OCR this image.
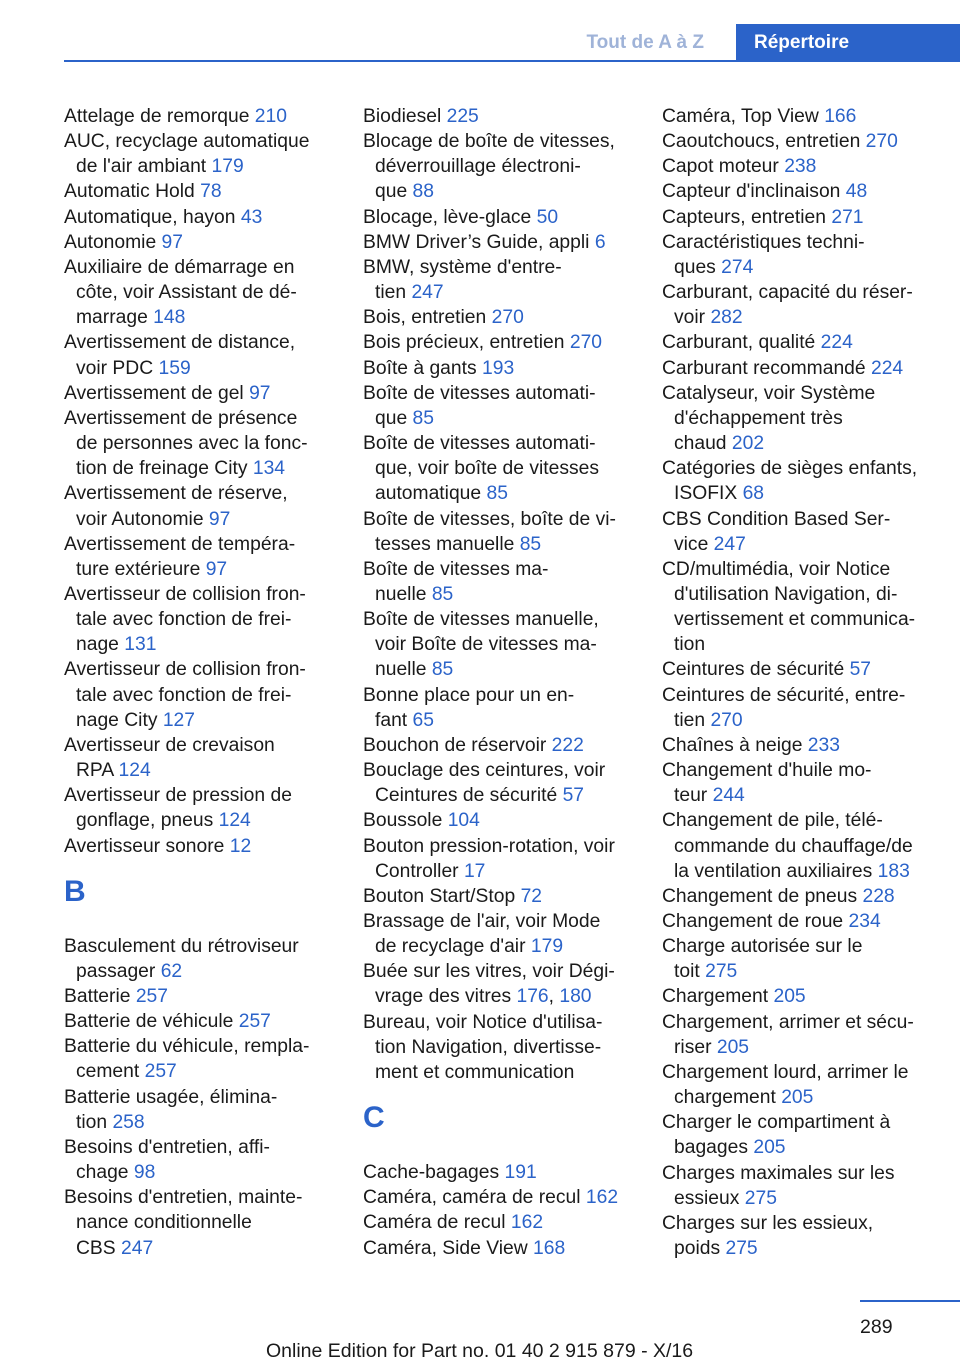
Tout de A à Z	Répertoire
Attelage de remorque 210
AUC, recyclage automatique
de l'air ambiant 179
Automatic Hold 78
Automatique, hayon 43
Autonomie 97
Auxiliaire de démarrage en
côte, voir Assistant de dé-
marrage 148
Avertissement de distance,
voir PDC 159
Avertissement de gel 97
Avertissement de présence
de personnes avec la fonc-
tion de freinage City 134
Avertissement de réserve,
voir Autonomie 97
Avertissement de tempéra-
ture extérieure 97
Avertisseur de collision fron-
tale avec fonction de frei-
nage 131
Avertisseur de collision fron-
tale avec fonction de frei-
nage City 127
Avertisseur de crevaison
RPA 124
Avertisseur de pression de
gonflage, pneus 124
Avertisseur sonore 12
B
Basculement du rétroviseur
passager 62
Batterie 257
Batterie de véhicule 257
Batterie du véhicule, rempla-
cement 257
Batterie usagée, élimina-
tion 258
Besoins d'entretien, affi-
chage 98
Besoins d'entretien, mainte-
nance conditionnelle
CBS 247
Biodiesel 225
Blocage de boîte de vitesses,
déverrouillage électroni-
que 88
Blocage, lève-glace 50
BMW Driver’s Guide, appli 6
BMW, système d'entre-
tien 247
Bois, entretien 270
Bois précieux, entretien 270
Boîte à gants 193
Boîte de vitesses automati-
que 85
Boîte de vitesses automati-
que, voir boîte de vitesses
automatique 85
Boîte de vitesses, boîte de vi-
tesses manuelle 85
Boîte de vitesses ma-
nuelle 85
Boîte de vitesses manuelle,
voir Boîte de vitesses ma-
nuelle 85
Bonne place pour un en-
fant 65
Bouchon de réservoir 222
Bouclage des ceintures, voir
Ceintures de sécurité 57
Boussole 104
Bouton pression-rotation, voir
Controller 17
Bouton Start/Stop 72
Brassage de l'air, voir Mode
de recyclage d'air 179
Buée sur les vitres, voir Dégi-
vrage des vitres 176, 180
Bureau, voir Notice d'utilisa-
tion Navigation, divertisse-
ment et communication
C
Cache-bagages 191
Caméra, caméra de recul 162
Caméra de recul 162
Caméra, Side View 168
Caméra, Top View 166
Caoutchoucs, entretien 270
Capot moteur 238
Capteur d'inclinaison 48
Capteurs, entretien 271
Caractéristiques techni-
ques 274
Carburant, capacité du réser-
voir 282
Carburant, qualité 224
Carburant recommandé 224
Catalyseur, voir Système
d'échappement très
chaud 202
Catégories de sièges enfants,
ISOFIX 68
CBS Condition Based Ser-
vice 247
CD/multimédia, voir Notice
d'utilisation Navigation, di-
vertissement et communica-
tion
Ceintures de sécurité 57
Ceintures de sécurité, entre-
tien 270
Chaînes à neige 233
Changement d'huile mo-
teur 244
Changement de pile, télé-
commande du chauffage/de
la ventilation auxiliaires 183
Changement de pneus 228
Changement de roue 234
Charge autorisée sur le
toit 275
Chargement 205
Chargement, arrimer et sécu-
riser 205
Chargement lourd, arrimer le
chargement 205
Charger le compartiment à
bagages 205
Charges maximales sur les
essieux 275
Charges sur les essieux,
poids 275
289
Online Edition for Part no. 01 40 2 915 879 - X/16
